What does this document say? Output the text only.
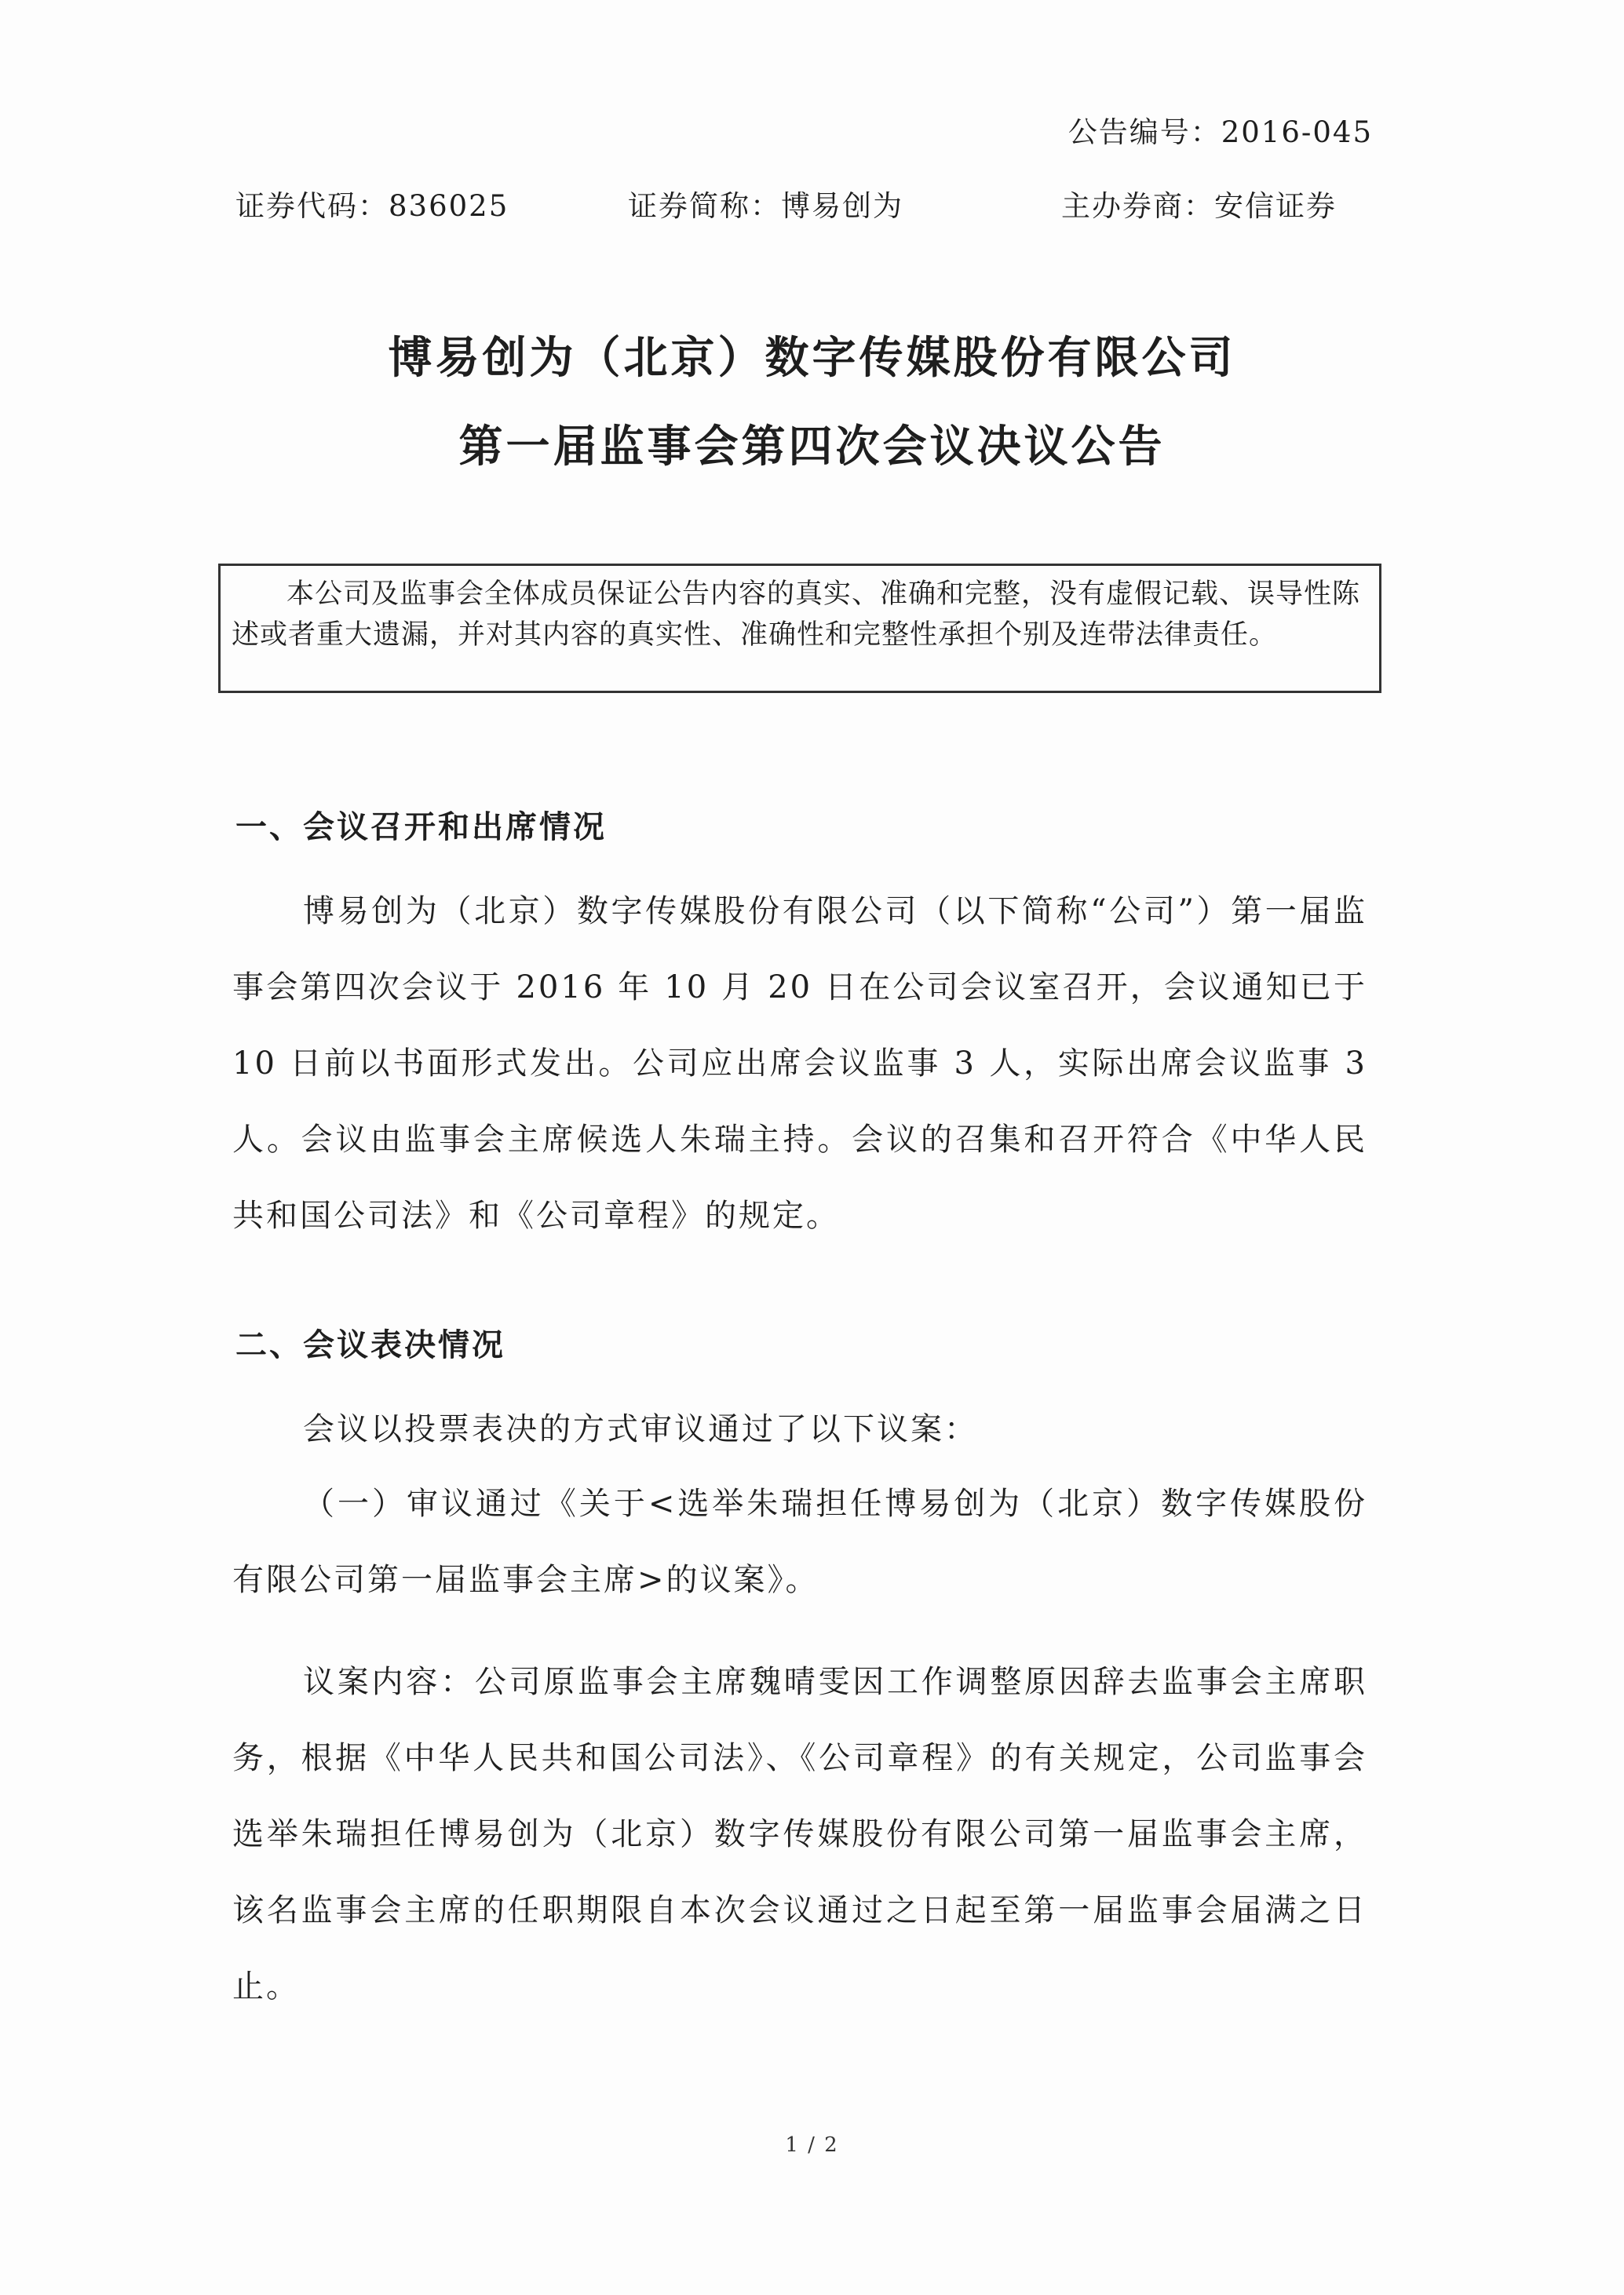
公告编号：2016-045
证券代码：836025	证券简称：博易创为	主办券商：安信证券
博易创为（北京）数字传媒股份有限公司
第一届监事会第四次会议决议公告

本公司及监事会全体成员保证公告内容的真实、准确和完整，没有虚假记载、误导性陈述或者重大遗漏，并对其内容的真实性、准确性和完整性承担个别及连带法律责任。

一、会议召开和出席情况

博易创为（北京）数字传媒股份有限公司（以下简称“公司”）第一届监事会第四次会议于 2016 年 10 月 20 日在公司会议室召开，会议通知已于 10 日前以书面形式发出。公司应出席会议监事 3 人，实际出席会议监事 3 人。会议由监事会主席候选人朱瑞主持。会议的召集和召开符合《中华人民共和国公司法》和《公司章程》的规定。

二、会议表决情况

会议以投票表决的方式审议通过了以下议案：

（一）审议通过《关于<选举朱瑞担任博易创为（北京）数字传媒股份有限公司第一届监事会主席>的议案》。

议案内容：公司原监事会主席魏晴雯因工作调整原因辞去监事会主席职务，根据《中华人民共和国公司法》、《公司章程》的有关规定，公司监事会选举朱瑞担任博易创为（北京）数字传媒股份有限公司第一届监事会主席，该名监事会主席的任职期限自本次会议通过之日起至第一届监事会届满之日止。

1 / 2
